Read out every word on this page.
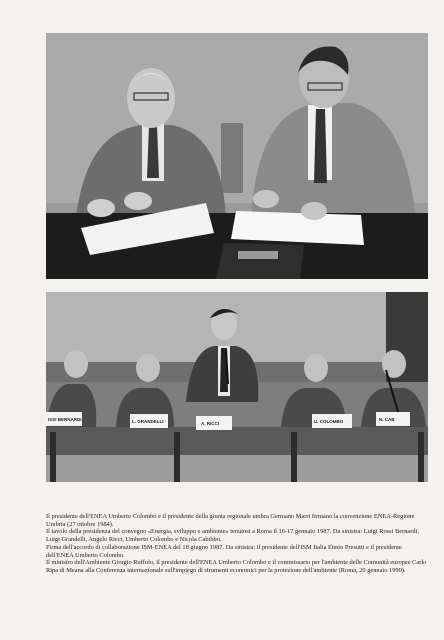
ISSI BERNARDI	L. GRANDELLI	A. RICCI	U. COLOMBO	N. CAB

Il presidente dell'ENEA Umberto Colombo e il presidente della giunta regionale umbra Germano Marri firmano la convenzione ENEA-Regione Umbria (27 ottobre 1984).

Il tavolo della presidenza del convegno «Energia, sviluppo e ambiente» tenutosi a Roma il 16-17 gennaio 1987. Da sinistra: Luigi Rossi Bernardi, Luigi Grandelli, Angelo Ricci, Umberto Colombo e Nicola Cabibbo.

Firma dell'accordo di collaborazione ISM-ENEA del 18 giugno 1987. Da sinistra: il presidente dell'ISM Italia Ennio Presutti e il presidente dell'ENEA Umberto Colombo.

Il ministro dell'Ambiente Giorgio Ruffolo, il presidente dell'ENEA Umberto Colombo e il commissario per l'ambiente delle Comunità europee Carlo Ripa di Meana alla Conferenza internazionale sull'impiego di strumenti economici per la protezione dell'ambiente (Roma, 20 gennaio 1990).
